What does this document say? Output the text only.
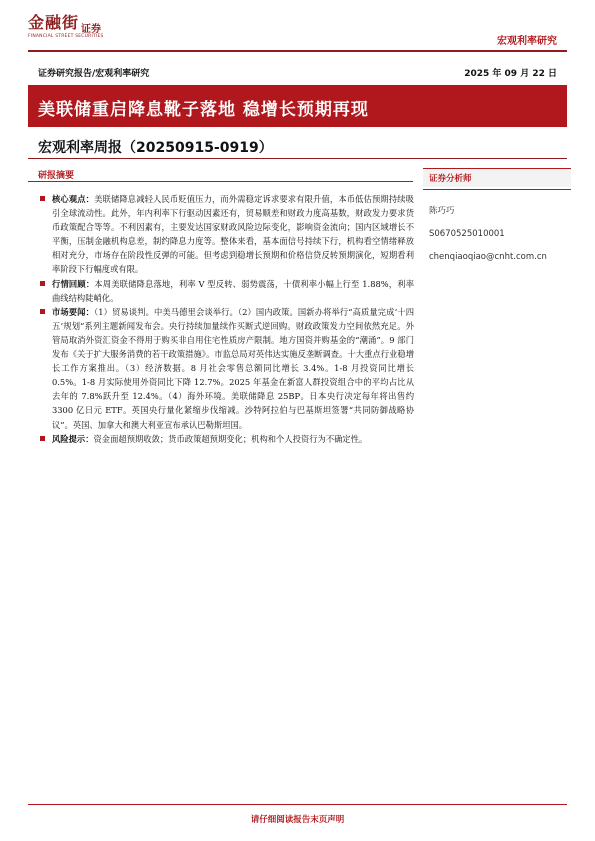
金融街 证券
FINANCIAL STREET SECURITIES	宏观利率研究
证券研究报告/宏观利率研究	2025 年 09 月 22 日
美联储重启降息靴子落地 稳增长预期再现
宏观利率周报（20250915-0919）
研报摘要
核心观点：美联储降息减轻人民币贬值压力，而外需稳定诉求要求有限升值，本币低估预期持续吸引全球流动性。此外，年内利率下行驱动因素还有，贸易顺差和财政力度高基数，财政发力要求货币政策配合等等。不利因素有，主要发达国家财政风险边际变化，影响资金流向；国内区域增长不平衡，压制金融机构息差，制约降息力度等。整体来看，基本面信号持续下行，机构看空情绪释放相对充分，市场存在阶段性反弹的可能。但考虑到稳增长预期和价格信贷反转预期演化，短期看利率阶段下行幅度或有限。
行情回顾：本周美联储降息落地，利率 V 型反转、弱势震荡，十债利率小幅上行至 1.88%，利率曲线结构陡峭化。
市场要闻：（1）贸易谈判。中美马德里会谈举行。（2）国内政策。国新办将举行“高质量完成‘十四五’规划”系列主题新闻发布会。央行持续加量续作买断式逆回购。财政政策发力空间依然充足。外管局取消外资汇资金不得用于购买非自用住宅性质房产限制。地方国资并购基金的“潮涌”。9 部门发布《关于扩大服务消费的若干政策措施》。市监总局对英伟达实施反垄断调查。十大重点行业稳增长工作方案推出。（3）经济数据。8 月社会零售总额同比增长 3.4%。1-8 月投资同比增长 0.5%。1-8 月实际使用外资同比下降 12.7%。2025 年基金在新富人群投资组合中的平均占比从去年的 7.8%跃升至 12.4%。（4）海外环境。美联储降息 25BP。日本央行决定每年将出售约 3300 亿日元 ETF。英国央行量化紧缩步伐缩减。沙特阿拉伯与巴基斯坦签署“共同防御战略协议”。英国、加拿大和澳大利亚宣布承认巴勒斯坦国。
风险提示：资金面超预期收敛；货币政策超预期变化；机构和个人投资行为不确定性。
证券分析师
陈巧巧
S0670525010001
chenqiaoqiao@cnht.com.cn
请仔细阅读报告末页声明
